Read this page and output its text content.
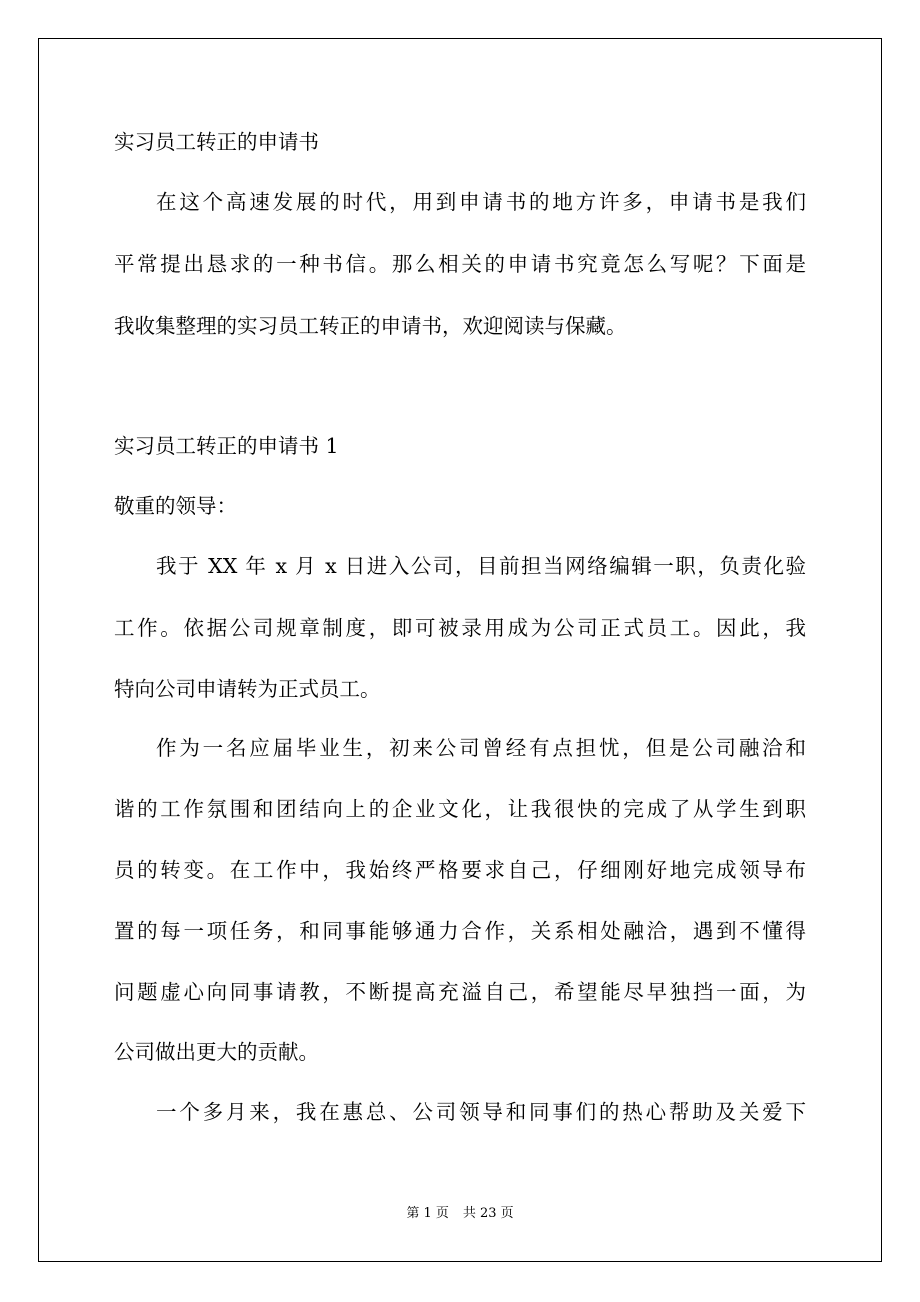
实习员工转正的申请书
在这个高速发展的时代，用到申请书的地方许多，申请书是我们
平常提出恳求的一种书信。那么相关的申请书究竟怎么写呢？下面是
我收集整理的实习员工转正的申请书，欢迎阅读与保藏。
实习员工转正的申请书 1
敬重的领导：
我于 XX 年 x 月 x 日进入公司，目前担当网络编辑一职，负责化验
工作。依据公司规章制度，即可被录用成为公司正式员工。因此，我
特向公司申请转为正式员工。
作为一名应届毕业生，初来公司曾经有点担忧，但是公司融洽和
谐的工作氛围和团结向上的企业文化，让我很快的完成了从学生到职
员的转变。在工作中，我始终严格要求自己，仔细刚好地完成领导布
置的每一项任务，和同事能够通力合作，关系相处融洽，遇到不懂得
问题虚心向同事请教，不断提高充溢自己，希望能尽早独挡一面，为
公司做出更大的贡献。
一个多月来，我在惠总、公司领导和同事们的热心帮助及关爱下
第 1 页 共 23 页
